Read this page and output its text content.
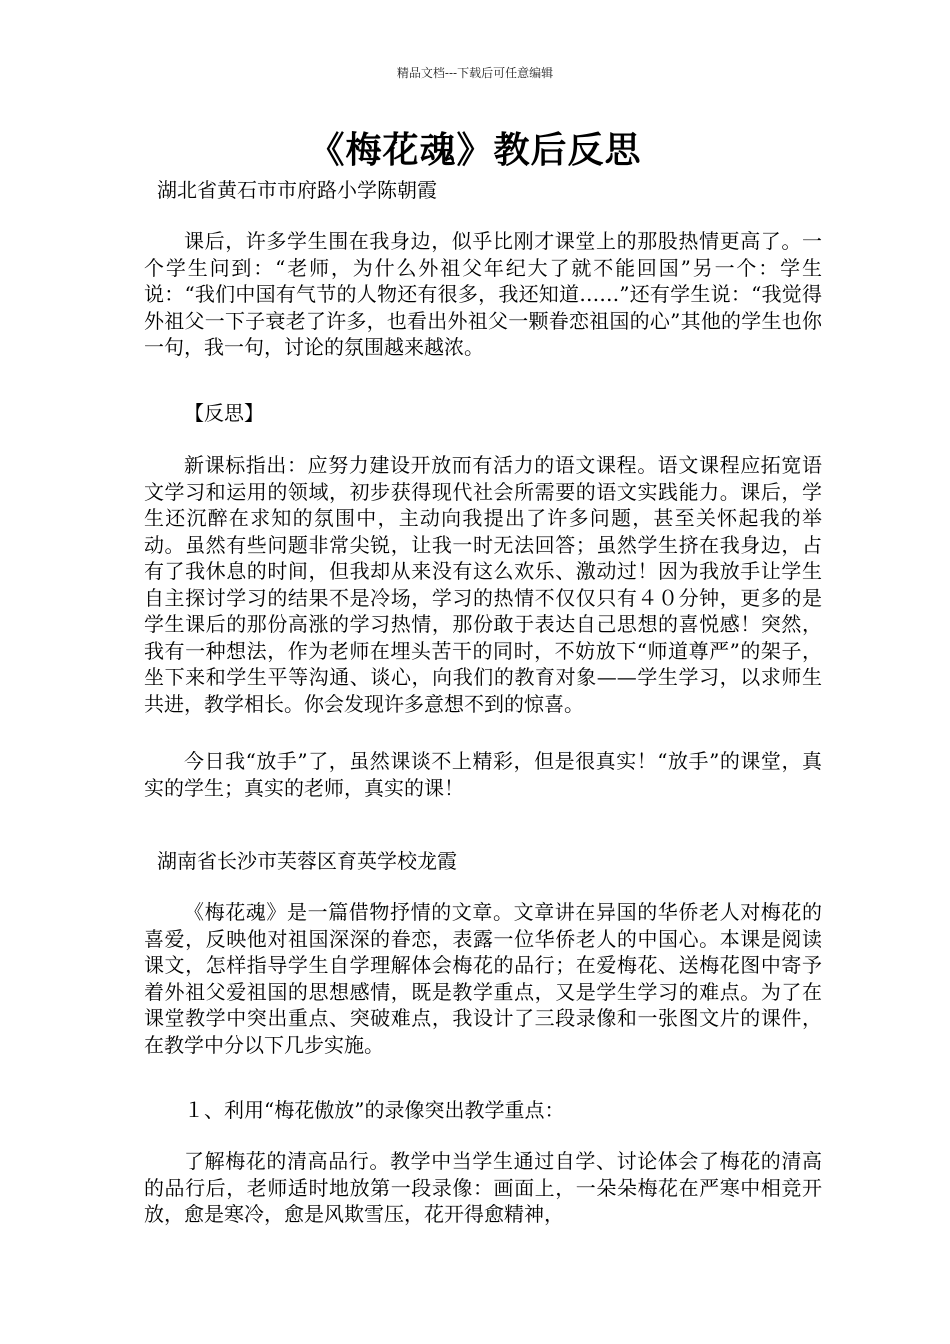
精品文档---下载后可任意编辑
《梅花魂》教后反思
湖北省黄石市市府路小学陈朝霞
课后，许多学生围在我身边，似乎比刚才课堂上的那股热情更高了。一个学生问到：“老师，为什么外祖父年纪大了就不能回国”另一个：学生说：“我们中国有气节的人物还有很多，我还知道……”还有学生说：“我觉得外祖父一下子衰老了许多，也看出外祖父一颗眷恋祖国的心”其他的学生也你一句，我一句，讨论的氛围越来越浓。
【反思】
新课标指出：应努力建设开放而有活力的语文课程。语文课程应拓宽语文学习和运用的领域，初步获得现代社会所需要的语文实践能力。课后，学生还沉醉在求知的氛围中，主动向我提出了许多问题，甚至关怀起我的举动。虽然有些问题非常尖锐，让我一时无法回答；虽然学生挤在我身边，占有了我休息的时间，但我却从来没有这么欢乐、激动过！因为我放手让学生自主探讨学习的结果不是冷场，学习的热情不仅仅只有４０分钟，更多的是学生课后的那份高涨的学习热情，那份敢于表达自己思想的喜悦感！突然，我有一种想法，作为老师在埋头苦干的同时，不妨放下“师道尊严”的架子，坐下来和学生平等沟通、谈心，向我们的教育对象——学生学习，以求师生共进，教学相长。你会发现许多意想不到的惊喜。
今日我“放手”了，虽然课谈不上精彩，但是很真实！“放手”的课堂，真实的学生；真实的老师，真实的课！
湖南省长沙市芙蓉区育英学校龙霞
《梅花魂》是一篇借物抒情的文章。文章讲在异国的华侨老人对梅花的喜爱，反映他对祖国深深的眷恋，表露一位华侨老人的中国心。本课是阅读课文，怎样指导学生自学理解体会梅花的品行；在爱梅花、送梅花图中寄予着外祖父爱祖国的思想感情，既是教学重点，又是学生学习的难点。为了在课堂教学中突出重点、突破难点，我设计了三段录像和一张图文片的课件，在教学中分以下几步实施。
１、利用“梅花傲放”的录像突出教学重点：
了解梅花的清高品行。教学中当学生通过自学、讨论体会了梅花的清高的品行后，老师适时地放第一段录像：画面上，一朵朵梅花在严寒中相竞开放，愈是寒冷，愈是风欺雪压，花开得愈精神，
